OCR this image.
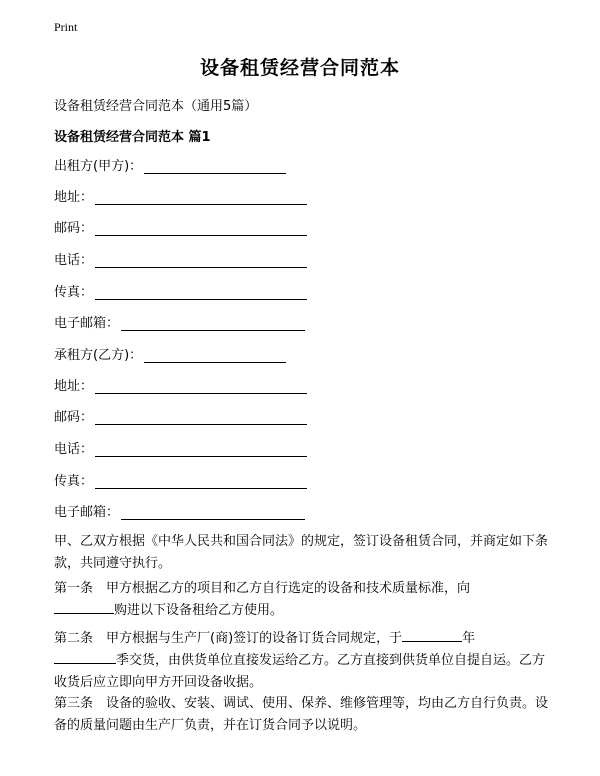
Print
设备租赁经营合同范本
设备租赁经营合同范本（通用5篇）
设备租赁经营合同范本 篇1
出租方(甲方)：
地址：
邮码：
电话：
传真：
电子邮箱：
承租方(乙方)：
地址：
邮码：
电话：
传真：
电子邮箱：
甲、乙双方根据《中华人民共和国合同法》的规定，签订设备租赁合同，并商定如下条款，共同遵守执行。
第一条　甲方根据乙方的项目和乙方自行选定的设备和技术质量标准，向
购进以下设备租给乙方使用。
第二条　甲方根据与生产厂(商)签订的设备订货合同规定，于	年
季交货，由供货单位直接发运给乙方。乙方直接到供货单位自提自运。乙方收货后应立即向甲方开回设备收据。
第三条　设备的验收、安装、调试、使用、保养、维修管理等，均由乙方自行负责。设备的质量问题由生产厂负责，并在订货合同予以说明。
